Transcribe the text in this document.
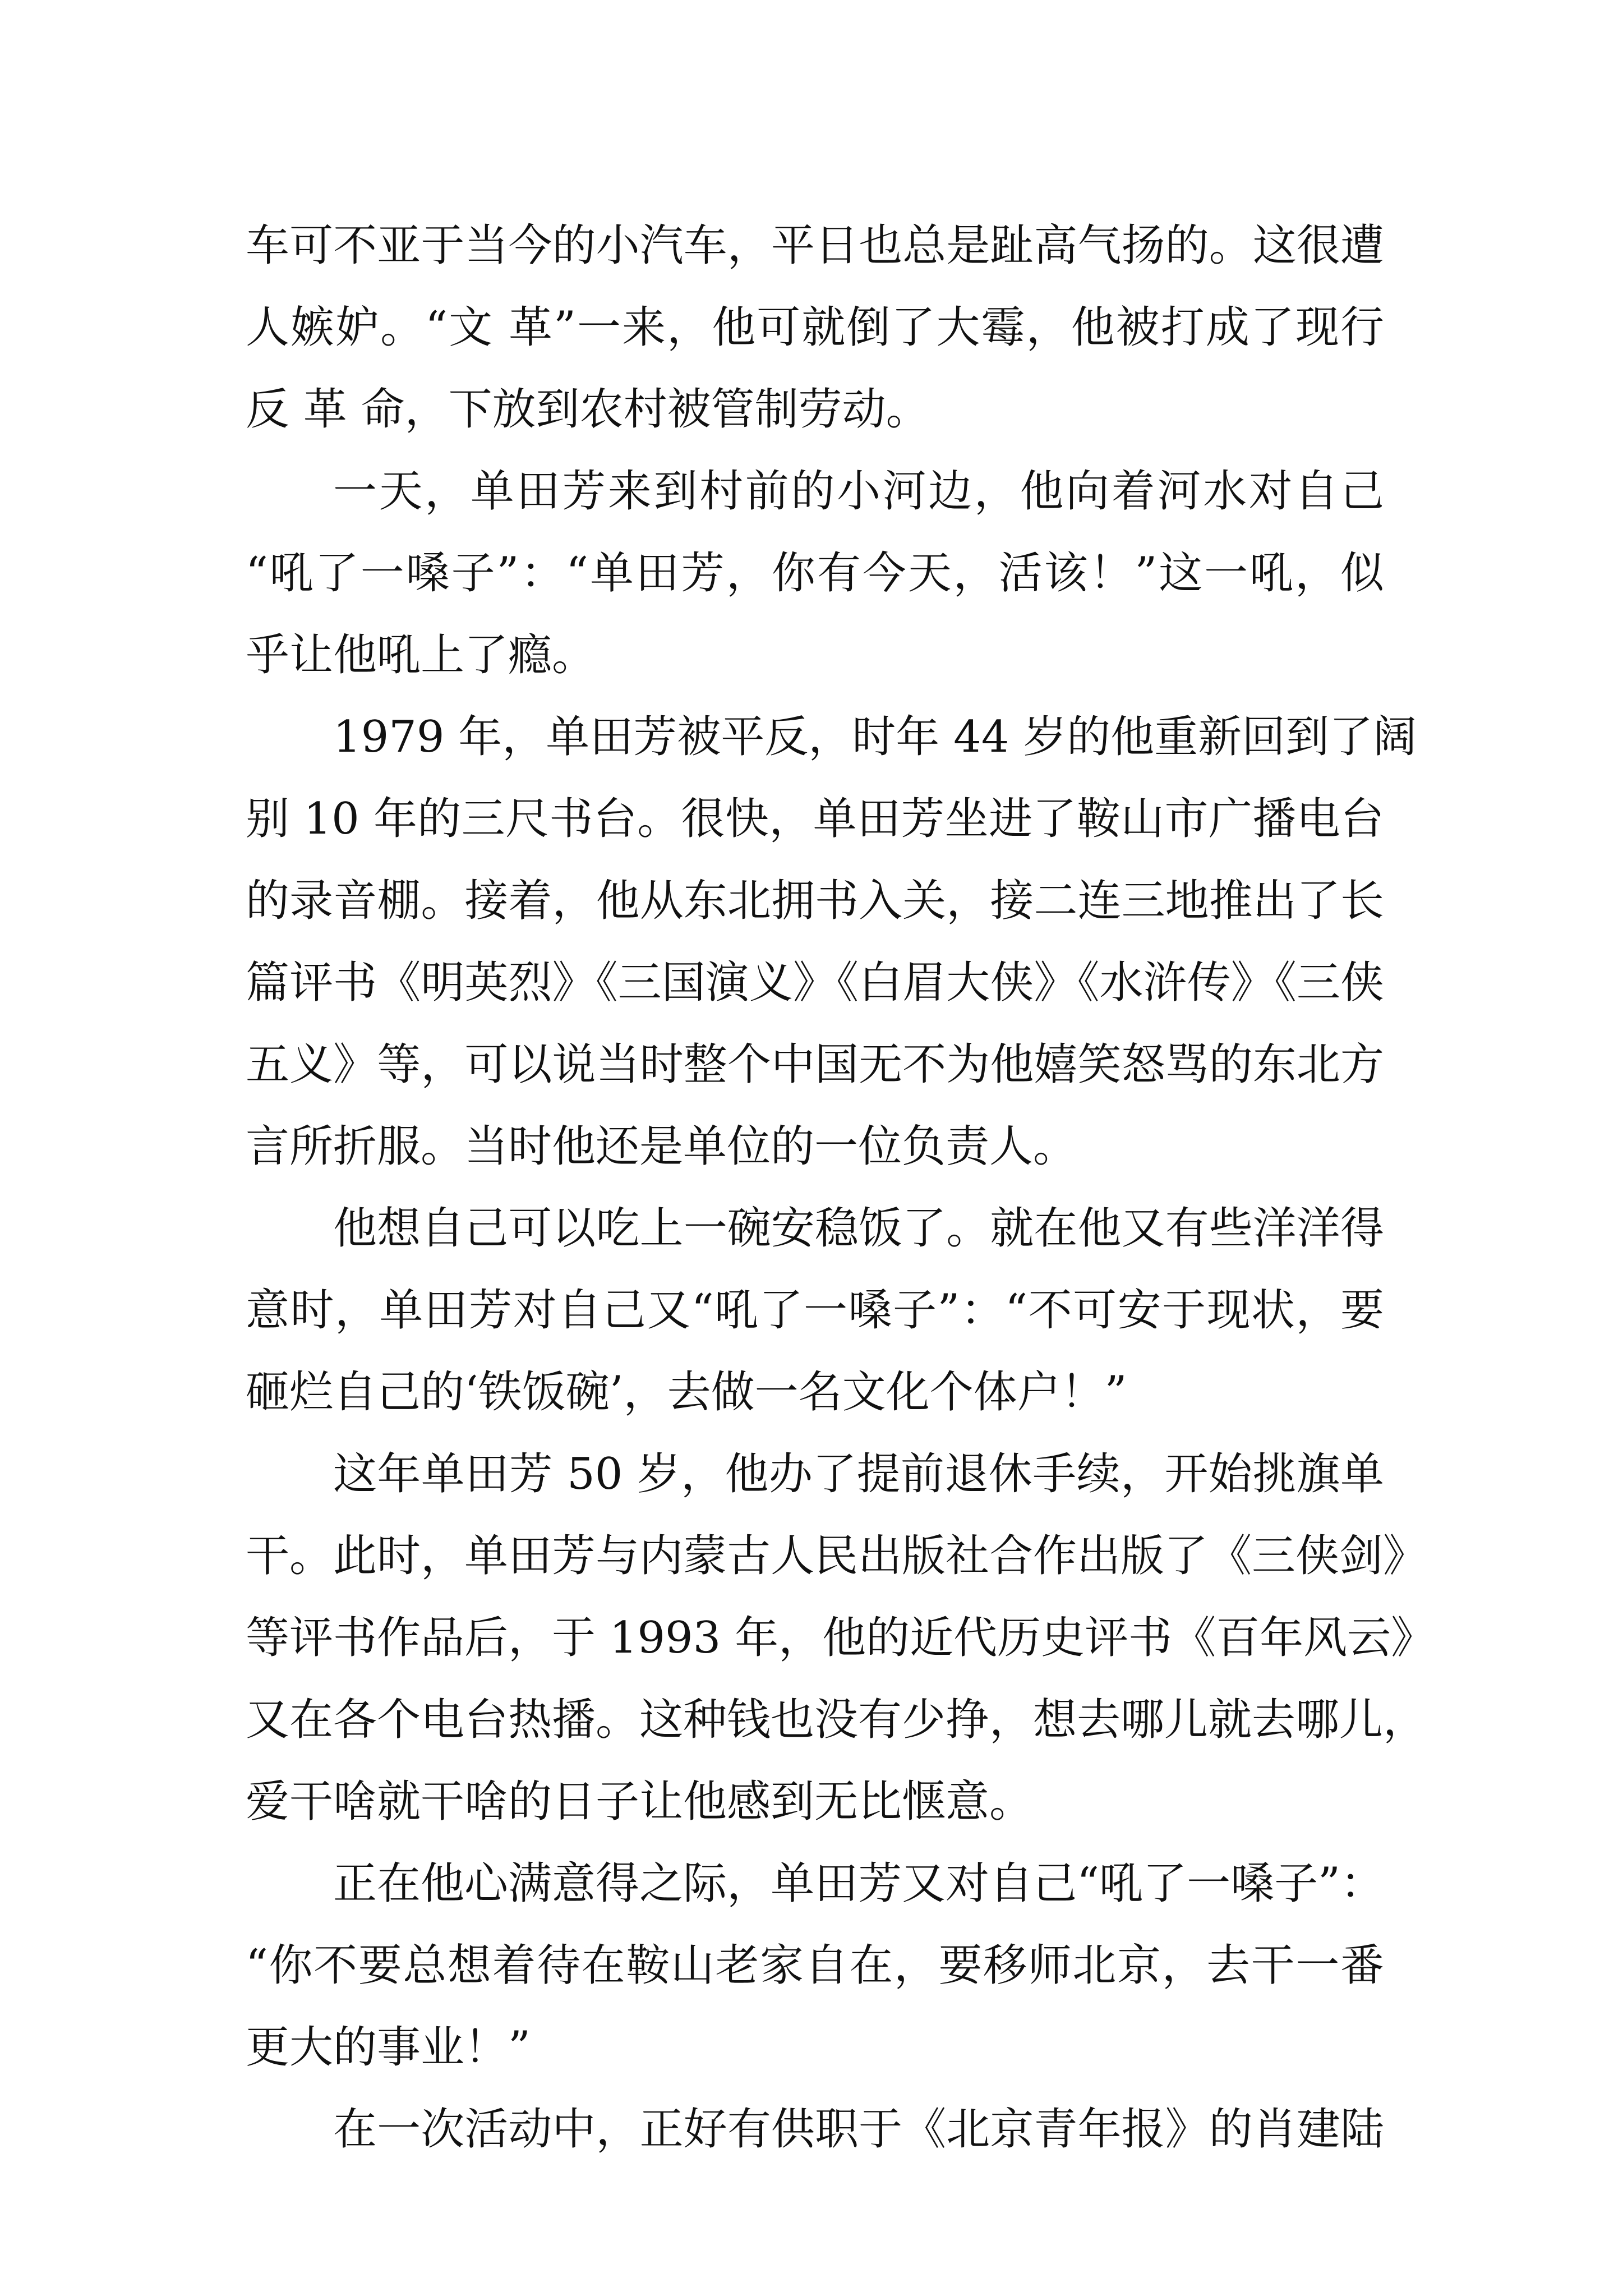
车可不亚于当今的小汽车，平日也总是趾高气扬的。这很遭
人嫉妒。“文 革”一来，他可就倒了大霉，他被打成了现行
反 革 命，下放到农村被管制劳动。
一天，单田芳来到村前的小河边，他向着河水对自己
“吼了一嗓子”：“单田芳，你有今天，活该！”这一吼，似
乎让他吼上了瘾。
1979 年，单田芳被平反，时年 44 岁的他重新回到了阔
别 10 年的三尺书台。很快，单田芳坐进了鞍山市广播电台
的录音棚。接着，他从东北拥书入关，接二连三地推出了长
篇评书《明英烈》《三国演义》《白眉大侠》《水浒传》《三侠
五义》等，可以说当时整个中国无不为他嬉笑怒骂的东北方
言所折服。当时他还是单位的一位负责人。
他想自己可以吃上一碗安稳饭了。就在他又有些洋洋得
意时，单田芳对自己又“吼了一嗓子”：“不可安于现状，要
砸烂自己的‘铁饭碗’，去做一名文化个体户！”
这年单田芳 50 岁，他办了提前退休手续，开始挑旗单
干。此时，单田芳与内蒙古人民出版社合作出版了《三侠剑》
等评书作品后，于 1993 年，他的近代历史评书《百年风云》
又在各个电台热播。这种钱也没有少挣，想去哪儿就去哪儿，
爱干啥就干啥的日子让他感到无比惬意。
正在他心满意得之际，单田芳又对自己“吼了一嗓子”：
“你不要总想着待在鞍山老家自在，要移师北京，去干一番
更大的事业！”
在一次活动中，正好有供职于《北京青年报》的肖建陆
